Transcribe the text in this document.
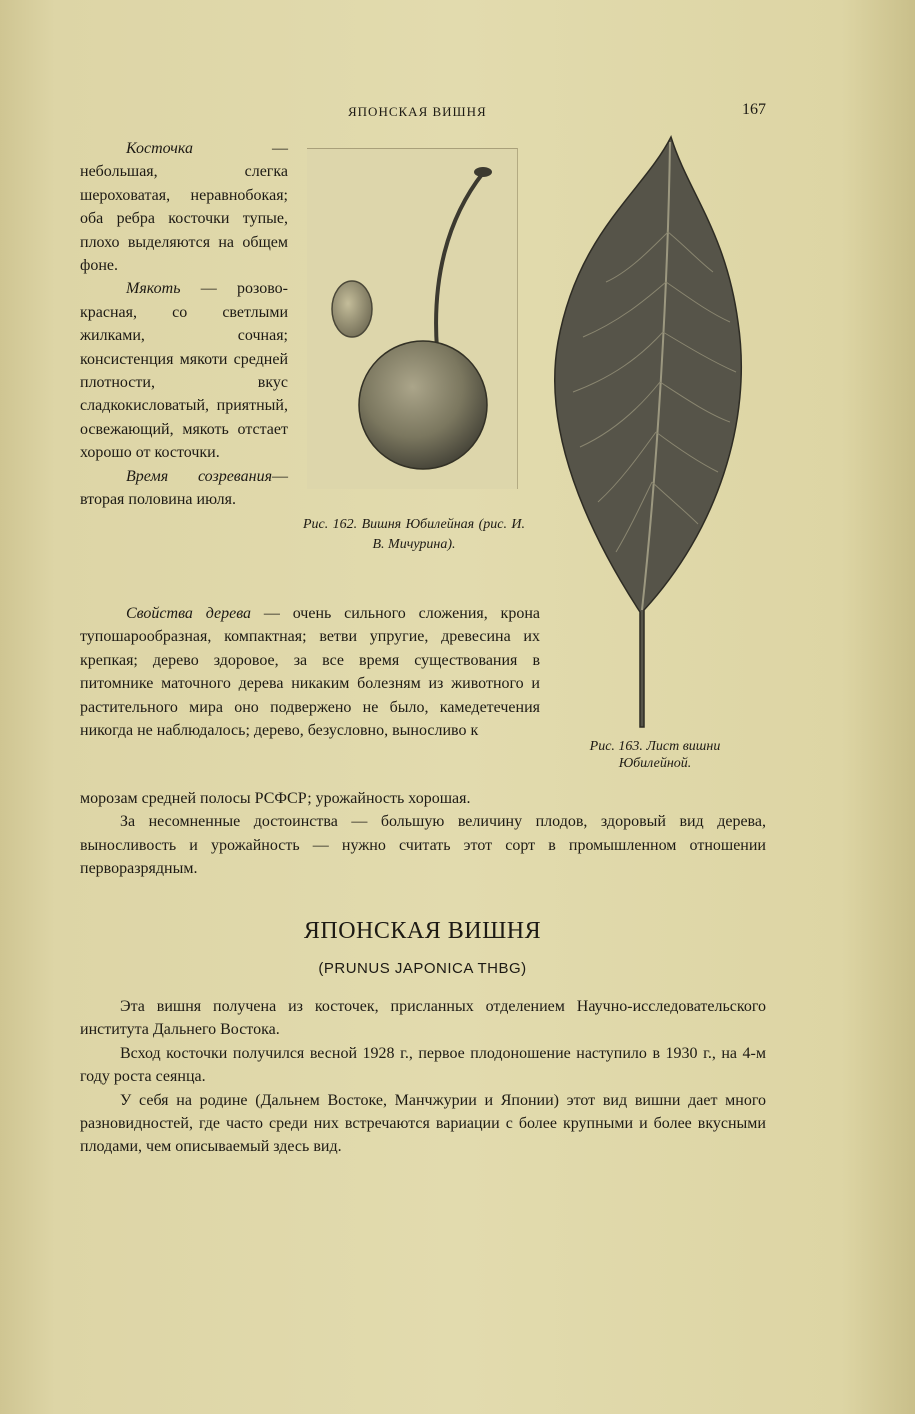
ЯПОНСКАЯ ВИШНЯ	167

Косточка — небольшая, слегка шероховатая, неравнобокая; оба ребра косточки тупые, плохо выделяются на общем фоне.

Мякоть — розово-красная, со светлыми жилками, сочная; консистенция мякоти средней плотности, вкус сладкокисловатый, приятный, освежающий, мякоть отстает хорошо от косточки.

Время созревания—вторая половина июля.

Рис. 162. Вишня Юбилейная (рис. И. В. Мичурина).
Рис. 163. Лист вишни Юбилейной.

Свойства дерева — очень сильного сложения, крона тупошарообразная, компактная; ветви упругие, древесина их крепкая; дерево здоровое, за все время существования в питомнике маточного дерева никаким болезням из животного и растительного мира оно подвержено не было, камедетечения никогда не наблюдалось; дерево, безусловно, выносливо к

морозам средней полосы РСФСР; урожайность хорошая.

За несомненные достоинства — большую величину плодов, здоровый вид дерева, выносливость и урожайность — нужно считать этот сорт в промышленном отношении перворазрядным.

ЯПОНСКАЯ ВИШНЯ
(PRUNUS JAPONICA THBG)

Эта вишня получена из косточек, присланных отделением Научно-исследовательского института Дальнего Востока.

Всход косточки получился весной 1928 г., первое плодоношение наступило в 1930 г., на 4-м году роста сеянца.

У себя на родине (Дальнем Востоке, Манчжурии и Японии) этот вид вишни дает много разновидностей, где часто среди них встречаются вариации с более крупными и более вкусными плодами, чем описываемый здесь вид.
